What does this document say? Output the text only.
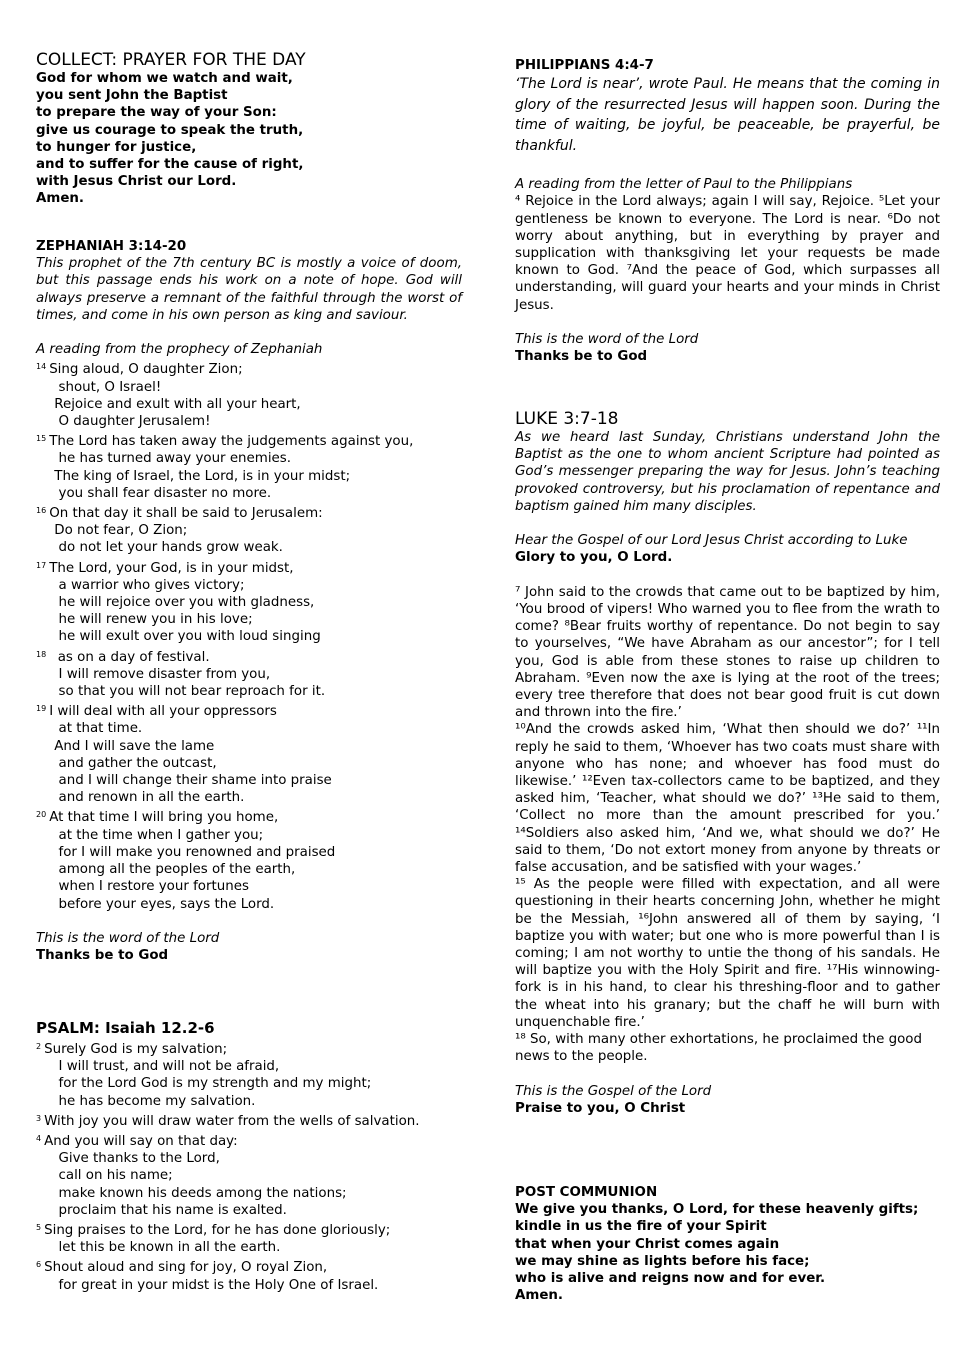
COLLECT: PRAYER FOR THE DAY
God for whom we watch and wait,
you sent John the Baptist
to prepare the way of your Son:
give us courage to speak the truth,
to hunger for justice,
and to suffer for the cause of right,
with Jesus Christ our Lord.
Amen.
ZEPHANIAH 3:14-20
This prophet of the 7th century BC is mostly a voice of doom, but this passage ends his work on a note of hope. God will always preserve a remnant of the faithful through the worst of times, and come in his own person as king and saviour.
A reading from the prophecy of Zephaniah
$^{14}$ Sing aloud, O daughter Zion;
shout, O Israel!
Rejoice and exult with all your heart,
O daughter Jerusalem!
$^{15}$ The Lord has taken away the judgements against you,
he has turned away your enemies.
The king of Israel, the Lord, is in your midst;
you shall fear disaster no more.
$^{16}$ On that day it shall be said to Jerusalem:
Do not fear, O Zion;
do not let your hands grow weak.
$^{17}$ The Lord, your God, is in your midst,
a warrior who gives victory;
he will rejoice over you with gladness,
he will renew you in his love;
he will exult over you with loud singing
$^{18}$  as on a day of festival.
I will remove disaster from you,
so that you will not bear reproach for it.
$^{19}$ I will deal with all your oppressors
at that time.
And I will save the lame
and gather the outcast,
and I will change their shame into praise
and renown in all the earth.
$^{20}$ At that time I will bring you home,
at the time when I gather you;
for I will make you renowned and praised
among all the peoples of the earth,
when I restore your fortunes
before your eyes, says the Lord.
This is the word of the Lord
Thanks be to God
PSALM: Isaiah 12.2-6
$^2$ Surely God is my salvation;
I will trust, and will not be afraid,
for the Lord God is my strength and my might;
he has become my salvation.
$^3$ With joy you will draw water from the wells of salvation.
$^4$ And you will say on that day:
Give thanks to the Lord,
call on his name;
make known his deeds among the nations;
proclaim that his name is exalted.
$^5$ Sing praises to the Lord, for he has done gloriously;
let this be known in all the earth.
$^6$ Shout aloud and sing for joy, O royal Zion,
for great in your midst is the Holy One of Israel.
PHILIPPIANS 4:4-7
‘The Lord is near’, wrote Paul. He means that the coming in glory of the resurrected Jesus will happen soon. During the time of waiting, be joyful, be peaceable, be prayerful, be thankful.
A reading from the letter of Paul to the Philippians
⁴ Rejoice in the Lord always; again I will say, Rejoice. ⁵Let your gentleness be known to everyone. The Lord is near. ⁶Do not worry about anything, but in everything by prayer and supplication with thanksgiving let your requests be made known to God. ⁷And the peace of God, which surpasses all understanding, will guard your hearts and your minds in Christ Jesus.
This is the word of the Lord
Thanks be to God
LUKE 3:7-18
As we heard last Sunday, Christians understand John the Baptist as the one to whom ancient Scripture had pointed as God’s messenger preparing the way for Jesus. John’s teaching provoked controversy, but his proclamation of repentance and baptism gained him many disciples.
Hear the Gospel of our Lord Jesus Christ according to Luke
Glory to you, O Lord.
⁷ John said to the crowds that came out to be baptized by him, ‘You brood of vipers! Who warned you to flee from the wrath to come? ⁸Bear fruits worthy of repentance. Do not begin to say to yourselves, “We have Abraham as our ancestor”; for I tell you, God is able from these stones to raise up children to Abraham. ⁹Even now the axe is lying at the root of the trees; every tree therefore that does not bear good fruit is cut down and thrown into the fire.’
¹⁰And the crowds asked him, ‘What then should we do?’ ¹¹In reply he said to them, ‘Whoever has two coats must share with anyone who has none; and whoever has food must do likewise.’ ¹²Even tax-collectors came to be baptized, and they asked him, ‘Teacher, what should we do?’ ¹³He said to them, ‘Collect no more than the amount prescribed for you.’ ¹⁴Soldiers also asked him, ‘And we, what should we do?’ He said to them, ‘Do not extort money from anyone by threats or false accusation, and be satisfied with your wages.’
¹⁵ As the people were filled with expectation, and all were questioning in their hearts concerning John, whether he might be the Messiah, ¹⁶John answered all of them by saying, ‘I baptize you with water; but one who is more powerful than I is coming; I am not worthy to untie the thong of his sandals. He will baptize you with the Holy Spirit and fire. ¹⁷His winnowing-fork is in his hand, to clear his threshing-floor and to gather the wheat into his granary; but the chaff he will burn with unquenchable fire.’
¹⁸ So, with many other exhortations, he proclaimed the good news to the people.
This is the Gospel of the Lord
Praise to you, O Christ
POST COMMUNION
We give you thanks, O Lord, for these heavenly gifts;
kindle in us the fire of your Spirit
that when your Christ comes again
we may shine as lights before his face;
who is alive and reigns now and for ever.
Amen.
